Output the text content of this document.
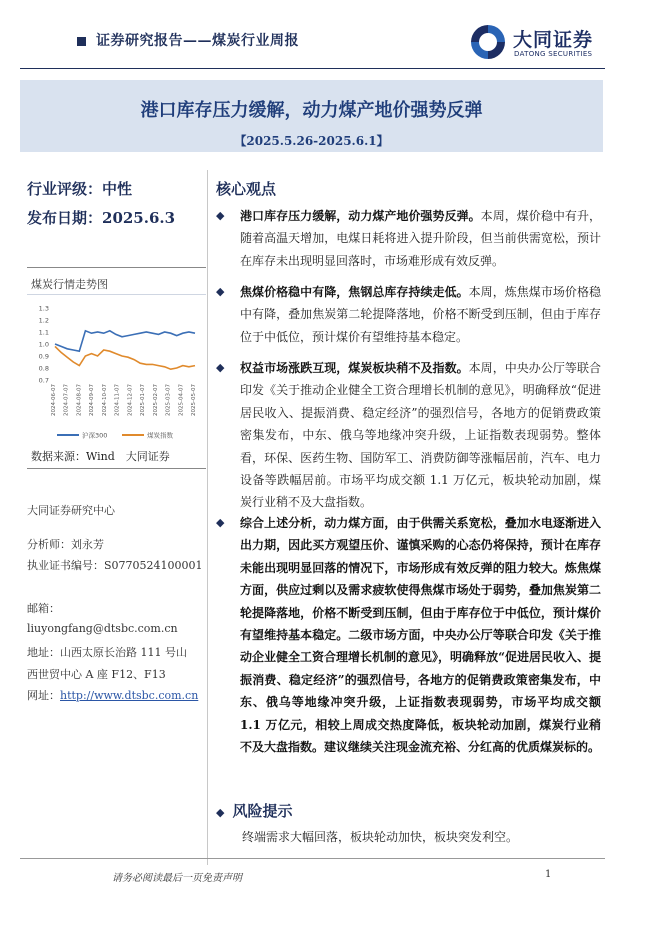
证券研究报告——煤炭行业周报	大同证券
DATONG SECURITIES
港口库存压力缓解，动力煤产地价强势反弹
【2025.5.26-2025.6.1】
行业评级：中性
发布日期：2025.6.3
煤炭行情走势图
1.3
1.2
1.1
1.0
0.9
0.8
0.7
2024-06-07 2024-07-07 2024-08-07 2024-09-07 2024-10-07 2024-11-07 2024-12-07 2025-01-07 2025-02-07 2025-03-07 2025-04-07 2025-05-07
沪深300	煤炭指数
数据来源：Wind　大同证券
大同证券研究中心
分析师：刘永芳
执业证书编号：S0770524100001
邮箱：
liuyongfang@dtsbc.com.cn
地址：山西太原长治路 111 号山
西世贸中心 A 座 F12、F13
网址：http://www.dtsbc.com.cn
核心观点
◆ 港口库存压力缓解，动力煤产地价强势反弹。本周，煤价稳中有升，随着高温天增加，电煤日耗将进入提升阶段，但当前供需宽松，预计在库存未出现明显回落时，市场难形成有效反弹。
◆ 焦煤价格稳中有降，焦钢总库存持续走低。本周，炼焦煤市场价格稳中有降，叠加焦炭第二轮提降落地，价格不断受到压制，但由于库存位于中低位，预计煤价有望维持基本稳定。
◆ 权益市场涨跌互现，煤炭板块稍不及指数。本周，中央办公厅等联合印发《关于推动企业健全工资合理增长机制的意见》，明确释放“促进居民收入、提振消费、稳定经济”的强烈信号，各地方的促销费政策密集发布，中东、俄乌等地缘冲突升级，上证指数表现弱势。整体看，环保、医药生物、国防军工、消费防御等涨幅居前，汽车、电力设备等跌幅居前。市场平均成交额 1.1 万亿元，板块轮动加剧，煤炭行业稍不及大盘指数。
◆ 综合上述分析，动力煤方面，由于供需关系宽松，叠加水电逐渐进入出力期，因此买方观望压价、谨慎采购的心态仍将保持，预计在库存未能出现明显回落的情况下，市场形成有效反弹的阻力较大。炼焦煤方面，供应过剩以及需求疲软使得焦煤市场处于弱势，叠加焦炭第二轮提降落地，价格不断受到压制，但由于库存位于中低位，预计煤价有望维持基本稳定。二级市场方面，中央办公厅等联合印发《关于推动企业健全工资合理增长机制的意见》，明确释放“促进居民收入、提振消费、稳定经济”的强烈信号，各地方的促销费政策密集发布，中东、俄乌等地缘冲突升级，上证指数表现弱势，市场平均成交额 1.1 万亿元，相较上周成交热度降低，板块轮动加剧，煤炭行业稍不及大盘指数。建议继续关注现金流充裕、分红高的优质煤炭标的。
◆ 风险提示
终端需求大幅回落，板块轮动加快，板块突发利空。
请务必阅读最后一页免责声明	1
